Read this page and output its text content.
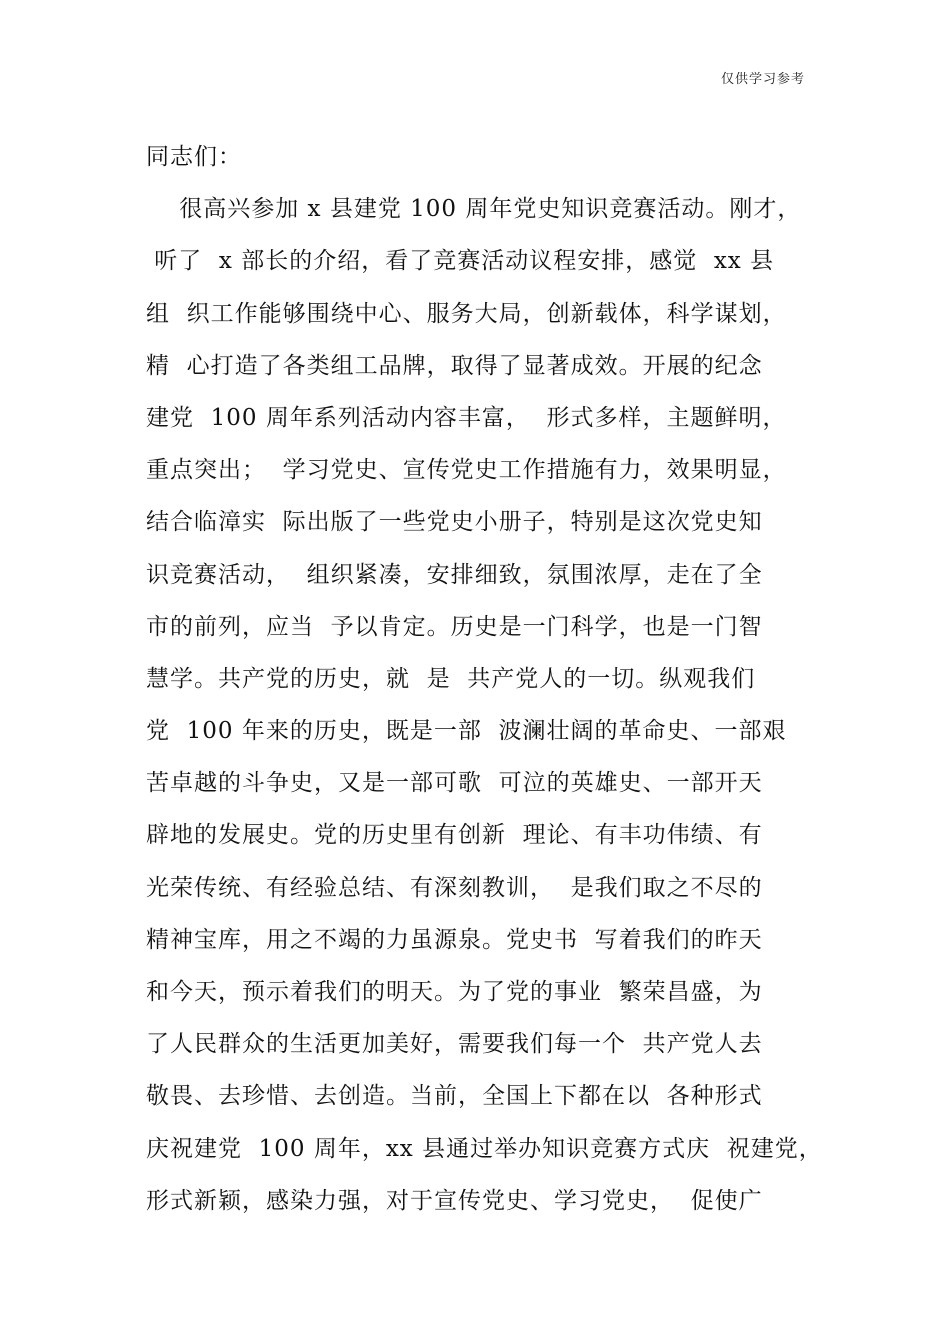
仅供学习参考
同志们：
很高兴参加 x 县建党 100 周年党史知识竞赛活动。刚才，
听了  x 部长的介绍，看了竞赛活动议程安排，感觉  xx 县
组  织工作能够围绕中心、服务大局，创新载体，科学谋划，
精  心打造了各类组工品牌，取得了显著成效。开展的纪念
建党  100 周年系列活动内容丰富，  形式多样，主题鲜明，
重点突出；  学习党史、宣传党史工作措施有力，效果明显，
结合临漳实  际出版了一些党史小册子，特别是这次党史知
识竞赛活动，  组织紧凑，安排细致，氛围浓厚，走在了全
市的前列，应当  予以肯定。历史是一门科学，也是一门智
慧学。共产党的历史，就  是  共产党人的一切。纵观我们
党  100 年来的历史，既是一部  波澜壮阔的革命史、一部艰
苦卓越的斗争史，又是一部可歌  可泣的英雄史、一部开天
辟地的发展史。党的历史里有创新  理论、有丰功伟绩、有
光荣传统、有经验总结、有深刻教训，  是我们取之不尽的
精神宝库，用之不竭的力虽源泉。党史书  写着我们的昨天
和今天，预示着我们的明天。为了党的事业  繁荣昌盛，为
了人民群众的生活更加美好，需要我们每一个  共产党人去
敬畏、去珍惜、去创造。当前，全国上下都在以  各种形式
庆祝建党  100 周年，xx 县通过举办知识竞赛方式庆  祝建党，
形式新颖，感染力强，对于宣传党史、学习党史，  促使广
